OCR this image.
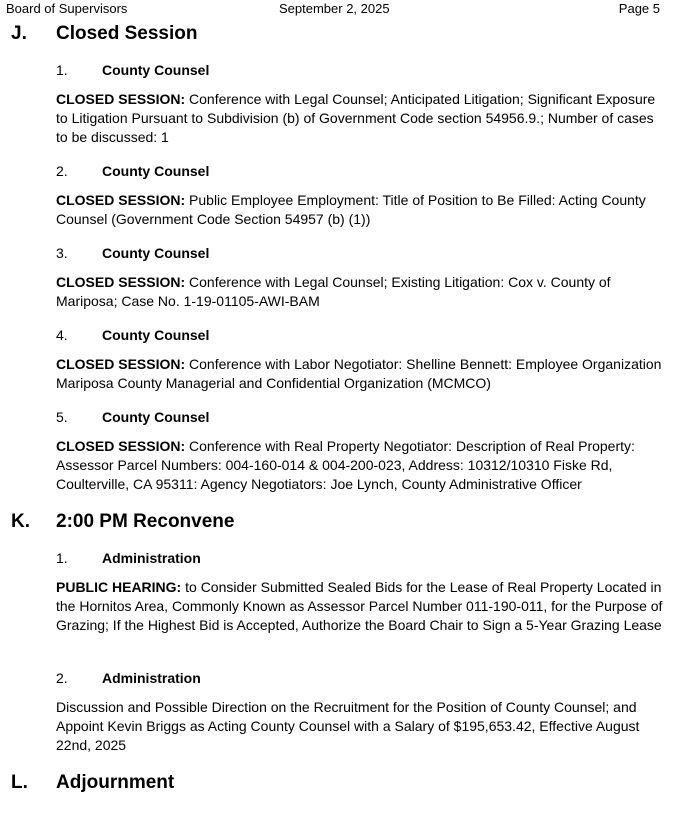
Board of Supervisors	September 2, 2025	Page 5
J. Closed Session
1. County Counsel

CLOSED SESSION: Conference with Legal Counsel; Anticipated Litigation; Significant Exposure to Litigation Pursuant to Subdivision (b) of Government Code section 54956.9.; Number of cases to be discussed: 1

2. County Counsel

CLOSED SESSION: Public Employee Employment: Title of Position to Be Filled: Acting County Counsel (Government Code Section 54957 (b) (1))

3. County Counsel

CLOSED SESSION: Conference with Legal Counsel; Existing Litigation: Cox v. County of Mariposa; Case No. 1-19-01105-AWI-BAM

4. County Counsel

CLOSED SESSION: Conference with Labor Negotiator: Shelline Bennett: Employee Organization Mariposa County Managerial and Confidential Organization (MCMCO)

5. County Counsel

CLOSED SESSION: Conference with Real Property Negotiator: Description of Real Property: Assessor Parcel Numbers: 004-160-014 & 004-200-023, Address: 10312/10310 Fiske Rd, Coulterville, CA 95311: Agency Negotiators: Joe Lynch, County Administrative Officer

K. 2:00 PM Reconvene
1. Administration

PUBLIC HEARING: to Consider Submitted Sealed Bids for the Lease of Real Property Located in the Hornitos Area, Commonly Known as Assessor Parcel Number 011-190-011, for the Purpose of Grazing; If the Highest Bid is Accepted, Authorize the Board Chair to Sign a 5-Year Grazing Lease

2. Administration

Discussion and Possible Direction on the Recruitment for the Position of County Counsel; and Appoint Kevin Briggs as Acting County Counsel with a Salary of $195,653.42, Effective August 22nd, 2025

L. Adjournment
